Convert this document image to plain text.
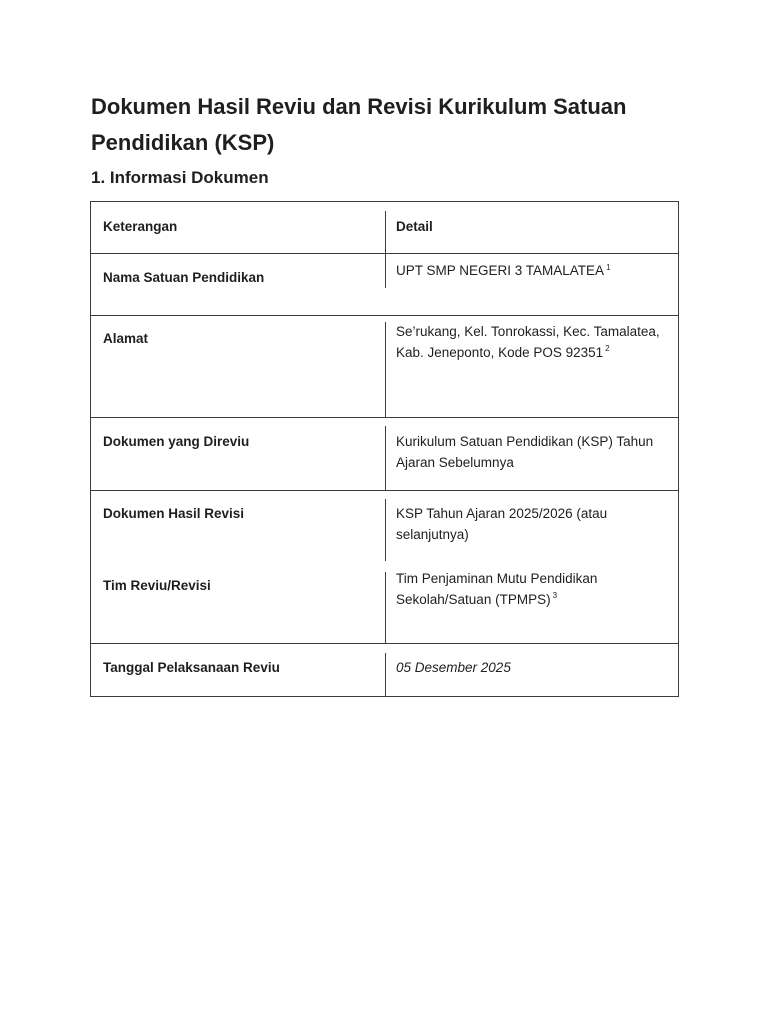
Dokumen Hasil Reviu dan Revisi Kurikulum Satuan Pendidikan (KSP)
1. Informasi Dokumen
Keterangan	Detail
Nama Satuan Pendidikan	UPT SMP NEGERI 3 TAMALATEA $^1$
Alamat	Se’rukang, Kel. Tonrokassi, Kec. Tamalatea, Kab. Jeneponto, Kode POS 92351 $^2$
Dokumen yang Direviu	Kurikulum Satuan Pendidikan (KSP) Tahun Ajaran Sebelumnya
Dokumen Hasil Revisi	KSP Tahun Ajaran 2025/2026 (atau selanjutnya)
Tim Reviu/Revisi	Tim Penjaminan Mutu Pendidikan Sekolah/Satuan (TPMPS) $^3$
Tanggal Pelaksanaan Reviu	05 Desember 2025
